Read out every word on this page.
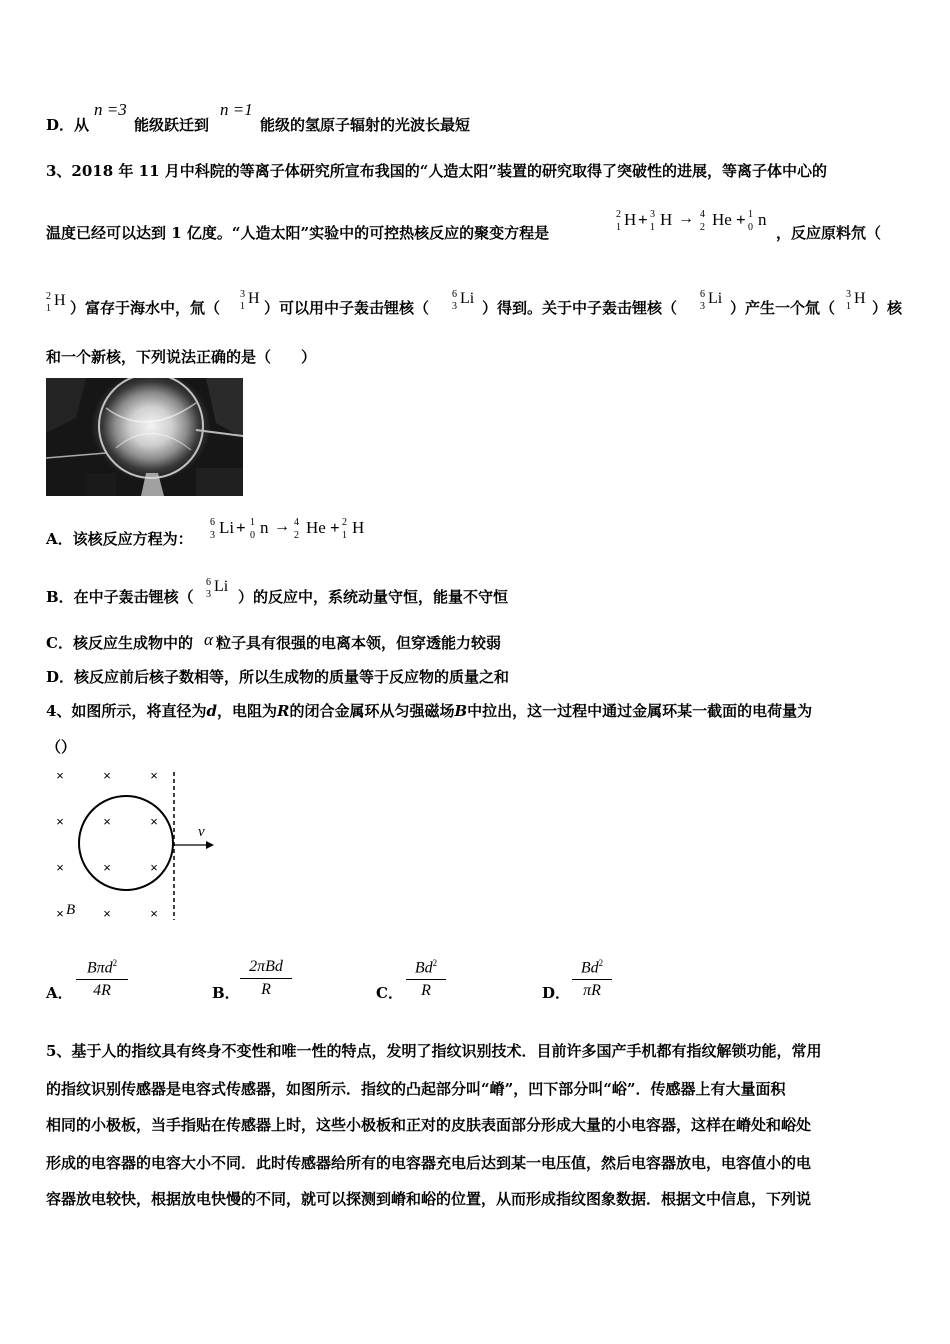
D．从
n =3
能级跃迁到
n =1
能级的氢原子辐射的光波长最短
3、2018 年 11 月中科院的等离子体研究所宣布我国的“人造太阳”装置的研究取得了突破性的进展，等离子体中心的
温度已经可以达到 1 亿度。“人造太阳”实验中的可控热核反应的聚变方程是
2
1 H + 3
1 H → 4
2 He + 1
0 n
，反应原料氘（
2
1 H ）富存于海水中，氚（
3
1 H
）可以用中子轰击锂核（
6
3 Li
）得到。关于中子轰击锂核（
6
3 Li
）产生一个氚（
3
1 H
）核
和一个新核，下列说法正确的是（　　）
A．该核反应方程为：
6
3 Li + 1
0 n → 4
2 He + 2
1 H
B．在中子轰击锂核（
6
3 Li
）的反应中，系统动量守恒，能量不守恒
C．核反应生成物中的 α 粒子具有很强的电离本领，但穿透能力较弱
D．核反应前后核子数相等，所以生成物的质量等于反应物的质量之和
4、如图所示，将直径为d，电阻为R的闭合金属环从匀强磁场B中拉出，这一过程中通过金属环某一截面的电荷量为
（）
×	×	×
×	×	×
×	×	×
×	×	×
v
B
A．
Bπd$^2$
4R	B．
2πBd
R	C． $\frac{Bd^2}{R}$	D． $\frac{Bd^2}{\pi R}$
5、基于人的指纹具有终身不变性和唯一性的特点，发明了指纹识别技术．目前许多国产手机都有指纹解锁功能，常用
的指纹识别传感器是电容式传感器，如图所示．指纹的凸起部分叫“嵴”，凹下部分叫“峪”．传感器上有大量面积
相同的小极板，当手指贴在传感器上时，这些小极板和正对的皮肤表面部分形成大量的小电容器，这样在嵴处和峪处
形成的电容器的电容大小不同．此时传感器给所有的电容器充电后达到某一电压值，然后电容器放电，电容值小的电
容器放电较快，根据放电快慢的不同，就可以探测到嵴和峪的位置，从而形成指纹图象数据．根据文中信息，下列说
